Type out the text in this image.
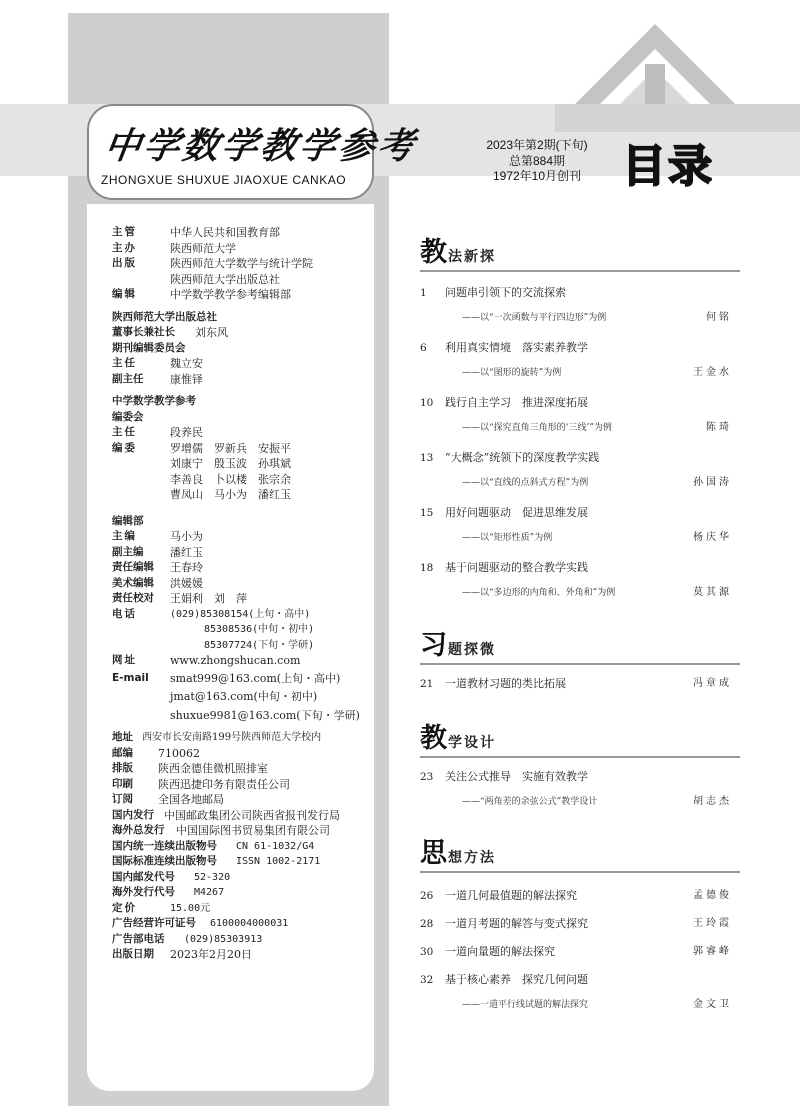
中学数学教学参考
ZHONGXUE SHUXUE JIAOXUE CANKAO
2023年第2期(下旬)
总第884期
1972年10月创刊 目录
主管	中华人民共和国教育部
主办	陕西师范大学
出版	陕西师范大学数学与统计学院
陕西师范大学出版总社
编辑	中学数学教学参考编辑部
陕西师范大学出版总社
董事长兼社长	刘东风
期刊编辑委员会
主任	魏立安
副主任	康惟铎
中学数学教学参考
编委会
主任	段养民
编委	罗增儒　罗新兵　安振平
刘康宁　殷玉波　孙琪斌
李善良　卜以楼　张宗余
曹凤山　马小为　潘红玉
编辑部
主编	马小为
副主编	潘红玉
责任编辑	王春玲
美术编辑	洪媛媛
责任校对	王娟利　刘　萍
电话	(029)85308154(上旬・高中)
85308536(中旬・初中)
85307724(下旬・学研)
网址	www.zhongshucan.com
E-mail	smat999@163.com(上旬・高中)
jmat@163.com(中旬・初中)
shuxue9981@163.com(下旬・学研)
地址 西安市长安南路199号陕西师范大学校内
邮编	710062
排版	陕西金德佳微机照排室
印刷	陕西迅捷印务有限责任公司
订阅	全国各地邮局
国内发行 中国邮政集团公司陕西省报刊发行局
海外总发行	中国国际图书贸易集团有限公司
国内统一连续出版物号	CN 61-1032/G4
国际标准连续出版物号	ISSN 1002-2171
国内邮发代号	52-320
海外发行代号	M4267
定价	15.00元
广告经营许可证号	6100004000031
广告部电话	(029)85303913
出版日期	2023年2月20日
教 法新探
1 问题串引领下的交流探索
——以“一次函数与平行四边形”为例	何铭
6 利用真实情境　落实素养教学
——以“图形的旋转”为例	王金水
10 践行自主学习　推进深度拓展
——以“探究直角三角形的‘三线’”为例	陈琦
13 “大概念”统领下的深度教学实践
——以“直线的点斜式方程”为例	孙国涛
15 用好问题驱动　促进思维发展
——以“矩形性质”为例	杨庆华
18 基于问题驱动的整合教学实践
——以“多边形的内角和、外角和”为例	莫其源
习 题探微
21 一道教材习题的类比拓展	冯章成
教 学设计
23 关注公式推导　实施有效教学
——“两角差的余弦公式”教学设计	胡志杰
思 想方法
26 一道几何最值题的解法探究	孟德俊
28 一道月考题的解答与变式探究	王玲霞
30 一道向量题的解法探究	郭睿峰
32 基于核心素养　探究几何问题
——一道平行线试题的解法探究	金文卫
